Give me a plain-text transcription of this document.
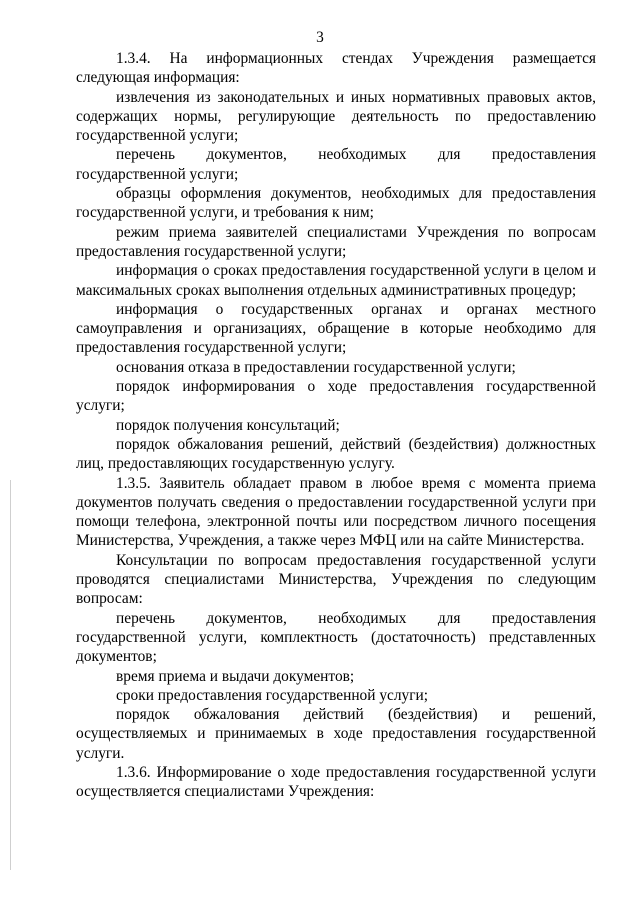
3

1.3.4. На информационных стендах Учреждения размещается следующая информация:

извлечения из законодательных и иных нормативных правовых актов, содержащих нормы, регулирующие деятельность по предоставлению государственной услуги;

перечень документов, необходимых для предоставления государственной услуги;

образцы оформления документов, необходимых для предоставления государственной услуги, и требования к ним;

режим приема заявителей специалистами Учреждения по вопросам предоставления государственной услуги;

информация о сроках предоставления государственной услуги в целом и максимальных сроках выполнения отдельных административных процедур;

информация о государственных органах и органах местного самоуправления и организациях, обращение в которые необходимо для предоставления государственной услуги;

основания отказа в предоставлении государственной услуги;

порядок информирования о ходе предоставления государственной услуги;

порядок получения консультаций;

порядок обжалования решений, действий (бездействия) должностных лиц, предоставляющих государственную услугу.

1.3.5. Заявитель обладает правом в любое время с момента приема документов получать сведения о предоставлении государственной услуги при помощи телефона, электронной почты или посредством личного посещения Министерства, Учреждения, а также через МФЦ или на сайте Министерства.

Консультации по вопросам предоставления государственной услуги проводятся специалистами Министерства, Учреждения по следующим вопросам:

перечень документов, необходимых для предоставления государственной услуги, комплектность (достаточность) представленных документов;

время приема и выдачи документов;

сроки предоставления государственной услуги;

порядок обжалования действий (бездействия) и решений, осуществляемых и принимаемых в ходе предоставления государственной услуги.

1.3.6. Информирование о ходе предоставления государственной услуги осуществляется специалистами Учреждения:
